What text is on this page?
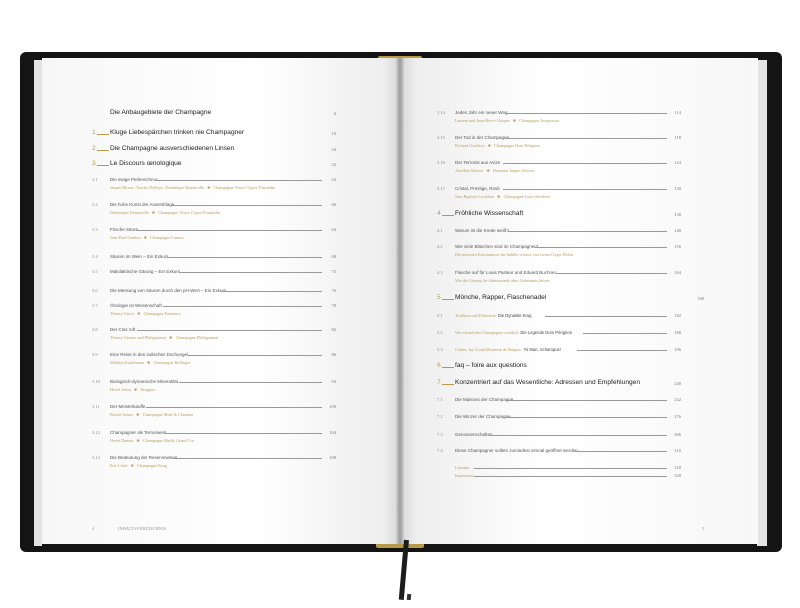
1 Kluge Liebespärchen trinken nie Champagner	10
2 Die Champagne ausverschiedenen Linsen	34
3 Le Discours œnologique	52
3.1	Die ewige Perlenschnur	54
Jaques Hirsen, Charles Delhaye, Dominique Demarville ✱ Champagne Veuve Clquot Ponsardin
3.2	Die hohe Kunst der Assemblage	60
Dominique Demarville ✱ Champagne Veuve Clquot Ponsardin
3.3	Frische Säure	64
Jean-Paul Gandon ✱ Champagne Lanson
3.4	Säuren im Wein – Ein Exkurs	68
3.5	Malolaktische Gärung – Ein Exkurs	73
3.6	Die Messung von Säuren durch den pH-Wert – Ein Exkurs	76
3.7	Önologie ist Wissenschaft	78
Thierry Gasco ✱ Champagne Pommery
3.8	Der Clos ruft	82
Thierry Garnier und Philipponnat ✱ Champagne Philipponnat
3.9	Eine Reise in den indischen Dschungel	86
Mathieu Kauffmann ✱ Champagne Bollinger
3.10 Biologisch-dynamische Mineralität	94
Hervé Jestin ✱ Drappier
3.11 Der Meisterkauffe	100
Benoit Gouez ✱ Champagne Moët & Chandon
3.12 Champagner als Terroirwein	104
Hervé Dantan ✱ Champagne Mailly Grand Cru
3.13 Die Bedeutung der Reserveweine	108
Eric Lebel ✱ Champagne Krug
3.14 Jedes Jahr ein neuer Weg	114
Laurent und Jean-Hervé Chiquet ✱ Champagne Jacquesson
3.15 Der Tod in der Champagne	118
Richard Geoffroy ✱ Champagne Dom Pérignon
3.16 Der Terrorist aus Avize	124
Anselme Selosse ✱ Domaine Jaques Selosse
3.17 Cristal, Prestige, Rosé	130
Jean Baptiste Lecaillon ✱ Champagne Louis Roederer
4 Fröhliche Wissenschaft	138
4.1	Warum ist die Krede weiß?	140
4.2	Wie viele Bläschen sind im Champagner?	156
Die neuesten Erkenntnisse der bubble science von Gerard Liger-Belair
4.3	Flasche auf für Louis Pasteur und Eduard Buchner	164
Wie die Gärung ihr Jahrtausende altes Geheimnis lüftete
5 Mönche, Rapper, Flaschenadel	180
5.1	Tradition und Dekretion: Die Dynastie Krug	182
5.2	Wer erfand den Champagner wirklich: Die Legende Dom Pérignon	188
5.3	Cattier, Jay Z und Monsieur de Brignac: Yo Man, Schampus!	196
6 faq – foire aux questions
7 Konzentriert auf das Wesentliche: Adressen und Empfehlungen	240
7.1	Die Maisons der Champagne	242
7.2	Die Winzer der Champagne	276
7.3	Genossenschaften	306
7.4	Diese Champagner sollten zumindest einmal geöffnet werden	310
Literatur	318
Impressum	320
Die Anbaugebiete der Champagne	6
4	INHALTSVERZEICHNIS	5
